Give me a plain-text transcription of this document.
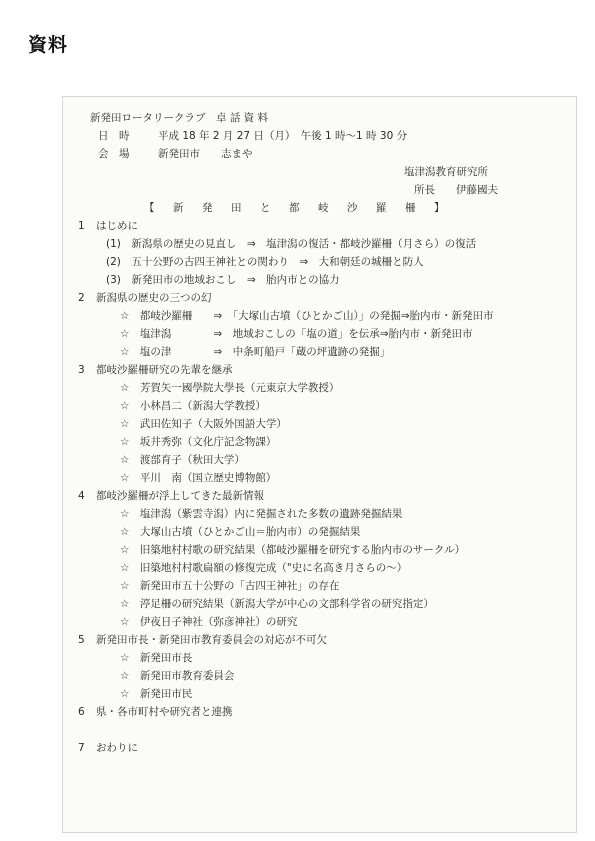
資料
新発田ロータリークラブ　卓 話 資 料
日　時	平成 18 年 2 月 27 日（月）　午後 1 時〜1 時 30 分
会　場	新発田市　　志まや
塩津潟教育研究所
所長　　伊藤國夫
【　新　発　田　と　都　岐　沙　羅　柵　】
1 はじめに
(1)　新潟県の歴史の見直し　⇒　塩津潟の復活・都岐沙羅柵（月さら）の復活
(2)　五十公野の古四王神社との関わり　⇒　大和朝廷の城柵と防人
(3)　新発田市の地域おこし　⇒　胎内市との協力
2 新潟県の歴史の三つの幻
☆　都岐沙羅柵　　⇒　「大塚山古墳（ひとかご山）」の発掘⇒胎内市・新発田市
☆　塩津潟　　　　⇒　地域おこしの「塩の道」を伝承⇒胎内市・新発田市
☆　塩の津　　　　⇒　中条町船戸「蔵の坪遺跡の発掘」
3 都岐沙羅柵研究の先輩を継承
☆　芳賀矢一國學院大學長（元東京大学教授）
☆　小林昌二（新潟大学教授）
☆　武田佐知子（大阪外国語大学）
☆　坂井秀弥（文化庁記念物課）
☆　渡部育子（秋田大学）
☆　平川　南（国立歴史博物館）
4 都岐沙羅柵が浮上してきた最新情報
☆　塩津潟（紫雲寺潟）内に発掘された多数の遺跡発掘結果
☆　大塚山古墳（ひとかご山＝胎内市）の発掘結果
☆　旧築地村村歌の研究結果（都岐沙羅柵を研究する胎内市のサークル）
☆　旧築地村村歌扁額の修復完成（"史に名高き月さらの〜）
☆　新発田市五十公野の「古四王神社」の存在
☆　渟足柵の研究結果（新潟大学が中心の文部科学省の研究指定）
☆　伊夜日子神社（弥彦神社）の研究
5 新発田市長・新発田市教育委員会の対応が不可欠
☆　新発田市長
☆　新発田市教育委員会
☆　新発田市民
6 県・各市町村や研究者と連携
7 おわりに
